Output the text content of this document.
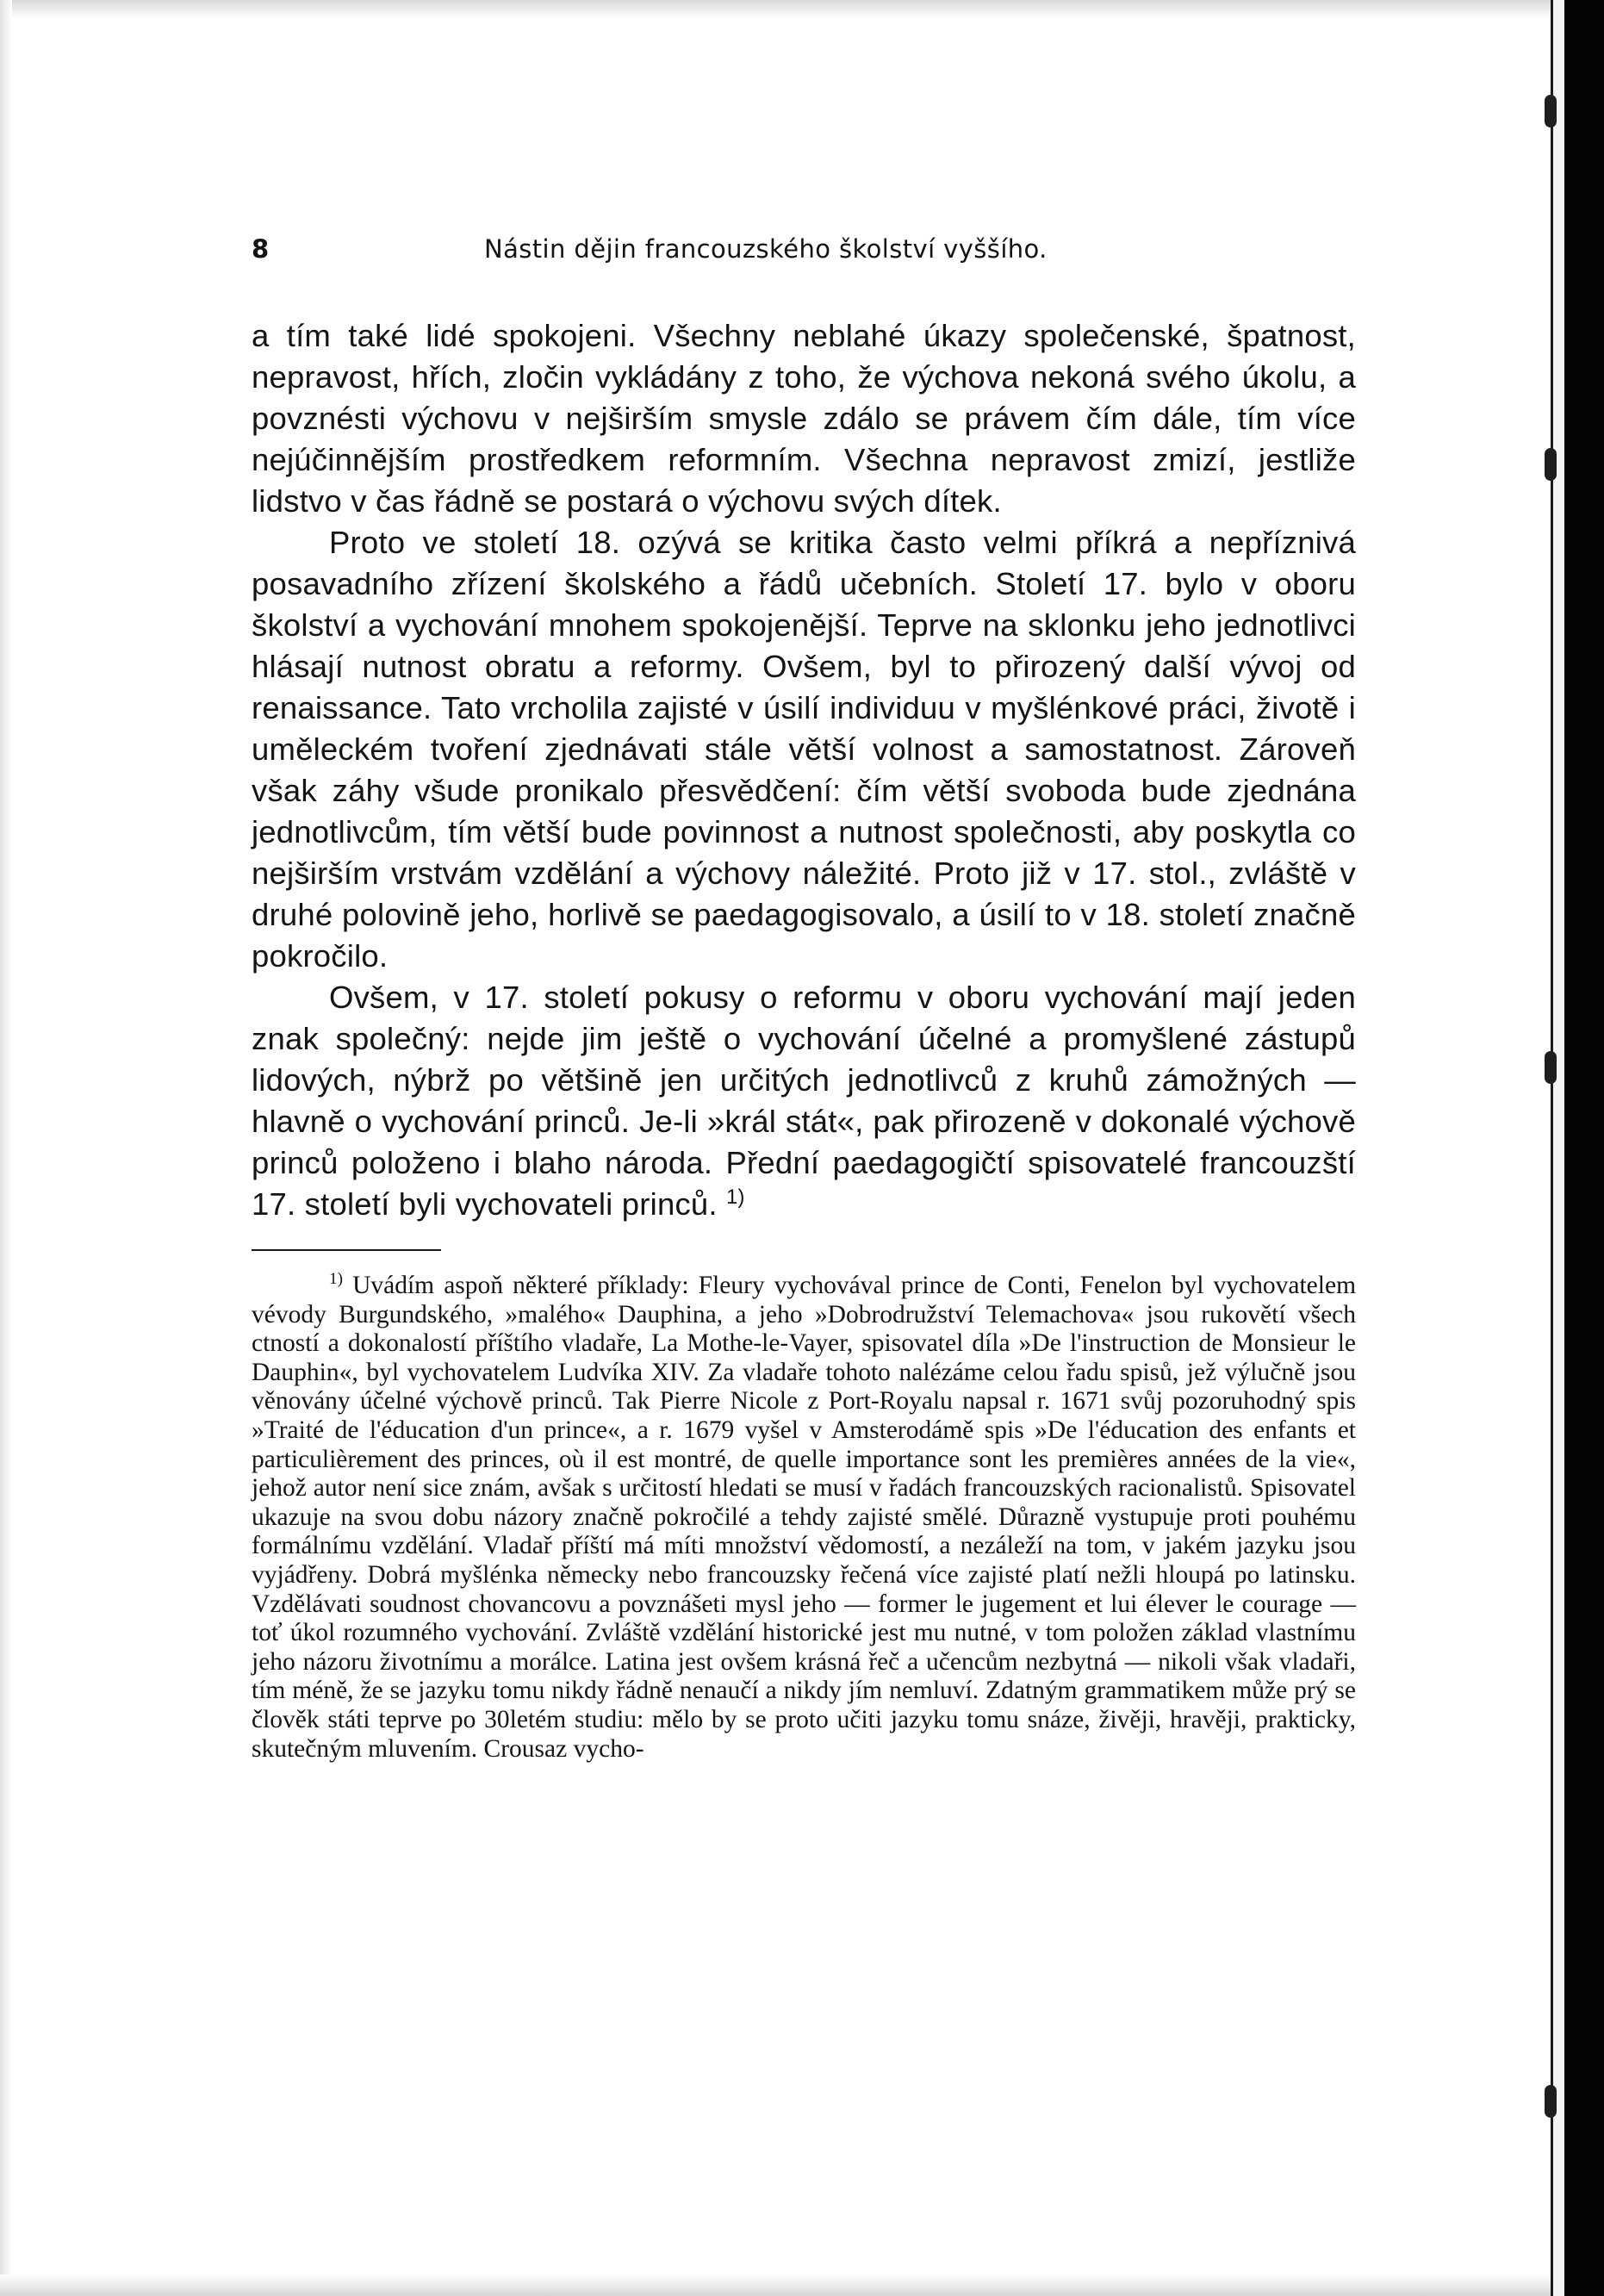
8	Nástin dějin francouzského školství vyššího.

a tím také lidé spokojeni. Všechny neblahé úkazy společenské, špatnost, nepravost, hřích, zločin vykládány z toho, že výchova nekoná svého úkolu, a povznésti výchovu v nejširším smysle zdálo se právem čím dále, tím více nejúčinnějším prostředkem reformním. Všechna nepravost zmizí, jestliže lidstvo v čas řádně se postará o výchovu svých dítek.

Proto ve století 18. ozývá se kritika často velmi příkrá a nepříznivá posavadního zřízení školského a řádů učebních. Století 17. bylo v oboru školství a vychování mnohem spokojenější. Teprve na sklonku jeho jednotlivci hlásají nutnost obratu a reformy. Ovšem, byl to přirozený další vývoj od renaissance. Tato vrcholila zajisté v úsilí individuu v myšlénkové práci, životě i uměleckém tvoření zjednávati stále větší volnost a samostatnost. Zároveň však záhy všude pronikalo přesvědčení: čím větší svoboda bude zjednána jednotlivcům, tím větší bude povinnost a nutnost společnosti, aby poskytla co nejširším vrstvám vzdělání a výchovy náležité. Proto již v 17. stol., zvláště v druhé polovině jeho, horlivě se paedagogisovalo, a úsilí to v 18. století značně pokročilo.

Ovšem, v 17. století pokusy o reformu v oboru vychování mají jeden znak společný: nejde jim ještě o vychování účelné a promyšlené zástupů lidových, nýbrž po většině jen určitých jednotlivců z kruhů zámožných — hlavně o vychování princů. Je-li »král stát«, pak přirozeně v dokonalé výchově princů položeno i blaho národa. Přední paedagogičtí spisovatelé francouzští 17. století byli vychovateli princů. $^{1)}$

$^{1)}$ Uvádím aspoň některé příklady: Fleury vychovával prince de Conti, Fenelon byl vychovatelem vévody Burgundského, »malého« Dauphina, a jeho »Dobrodružství Telemachova« jsou rukovětí všech ctností a dokonalostí příštího vladaře, La Mothe-le-Vayer, spisovatel díla »De l'instruction de Monsieur le Dauphin«, byl vychovatelem Ludvíka XIV. Za vladaře tohoto nalézáme celou řadu spisů, jež výlučně jsou věnovány účelné výchově princů. Tak Pierre Nicole z Port-Royalu napsal r. 1671 svůj pozoruhodný spis »Traité de l'éducation d'un prince«, a r. 1679 vyšel v Amsterodámě spis »De l'éducation des enfants et particulièrement des princes, où il est montré, de quelle importance sont les premières années de la vie«, jehož autor není sice znám, avšak s určitostí hledati se musí v řadách francouzských racionalistů. Spisovatel ukazuje na svou dobu názory značně pokročilé a tehdy zajisté smělé. Důrazně vystupuje proti pouhému formálnímu vzdělání. Vladař příští má míti množství vědomostí, a nezáleží na tom, v jakém jazyku jsou vyjádřeny. Dobrá myšlénka německy nebo francouzsky řečená více zajisté platí nežli hloupá po latinsku. Vzdělávati soudnost chovancovu a povznášeti mysl jeho — former le jugement et lui élever le courage — toť úkol rozumného vychování. Zvláště vzdělání historické jest mu nutné, v tom položen základ vlastnímu jeho názoru životnímu a morálce. Latina jest ovšem krásná řeč a učencům nezbytná — nikoli však vladaři, tím méně, že se jazyku tomu nikdy řádně nenaučí a nikdy jím nemluví. Zdatným grammatikem může prý se člověk státi teprve po 30letém studiu: mělo by se proto učiti jazyku tomu snáze, živěji, hravěji, prakticky, skutečným mluvením. Crousaz vycho-
